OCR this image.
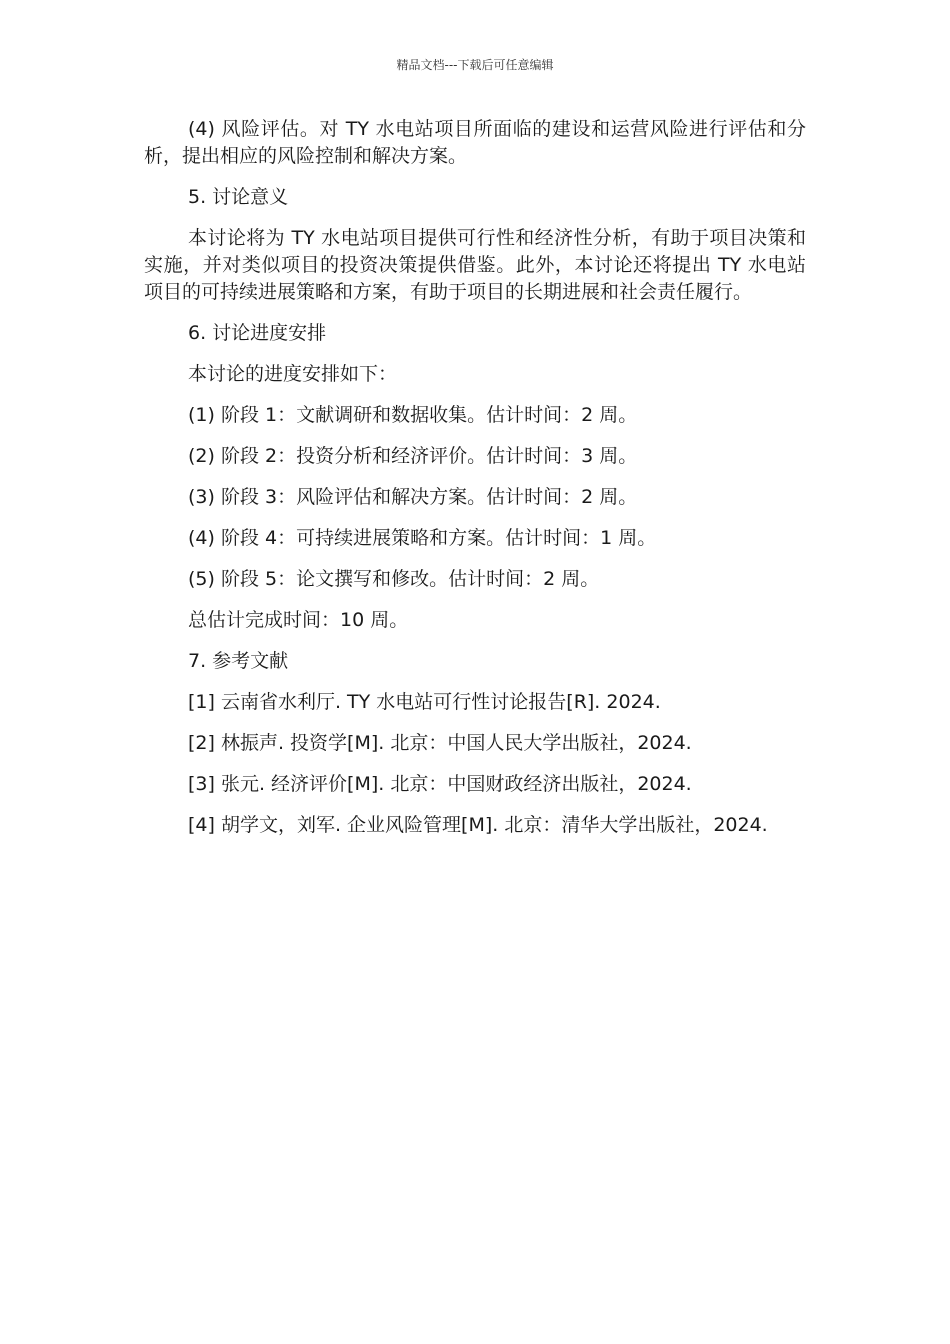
精品文档---下载后可任意编辑

(4) 风险评估。对 TY 水电站项目所面临的建设和运营风险进行评估和分析，提出相应的风险控制和解决方案。

5. 讨论意义

本讨论将为 TY 水电站项目提供可行性和经济性分析，有助于项目决策和实施，并对类似项目的投资决策提供借鉴。此外，本讨论还将提出 TY 水电站项目的可持续进展策略和方案，有助于项目的长期进展和社会责任履行。

6. 讨论进度安排

本讨论的进度安排如下：

(1) 阶段 1：文献调研和数据收集。估计时间：2 周。

(2) 阶段 2：投资分析和经济评价。估计时间：3 周。

(3) 阶段 3：风险评估和解决方案。估计时间：2 周。

(4) 阶段 4：可持续进展策略和方案。估计时间：1 周。

(5) 阶段 5：论文撰写和修改。估计时间：2 周。

总估计完成时间：10 周。

7. 参考文献

[1] 云南省水利厅. TY 水电站可行性讨论报告[R]. 2024.

[2] 林振声. 投资学[M]. 北京：中国人民大学出版社，2024.

[3] 张元. 经济评价[M]. 北京：中国财政经济出版社，2024.

[4] 胡学文，刘军. 企业风险管理[M]. 北京：清华大学出版社，2024.
